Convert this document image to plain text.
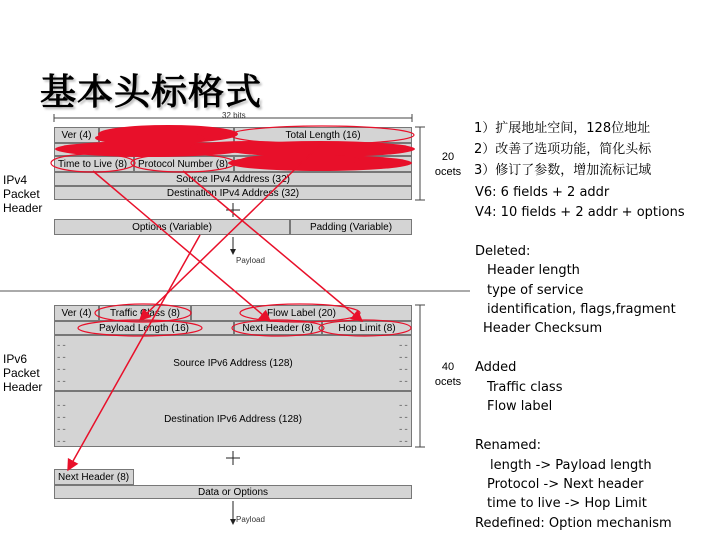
基本头标格式
32 bits
IPv4
Packet
Header
Ver (4)	Total Length (16)
Time to Live (8) Protocol Number (8)
Source IPv4 Address (32)
Destination IPv4 Address (32)
Options (Variable)	Padding (Variable)
Payload
20
ocets
IPv6
Packet
Header
Ver (4) Traffic Class (8)	Flow Label (20)
Payload Length (16)	Next Header (8) Hop Limit (8)
Source IPv6 Address (128)
Destination IPv6 Address (128)
Next Header (8)
Data or Options
Payload
40
ocets
--
--
--
--

--
--
--
--
--
--
--
--

--
--
--
--
1）扩展地址空间，128位地址
2）改善了选项功能，简化头标
3）修订了参数，增加流标记域
V6: 6 fields + 2 addr
V4: 10 fields + 2 addr + options
Deleted:
Header length
type of service
identification, flags,fragment
Header Checksum
Added
Traffic class
Flow label
Renamed:
length -> Payload length
Protocol -> Next header
time to live -> Hop Limit
Redefined: Option mechanism
